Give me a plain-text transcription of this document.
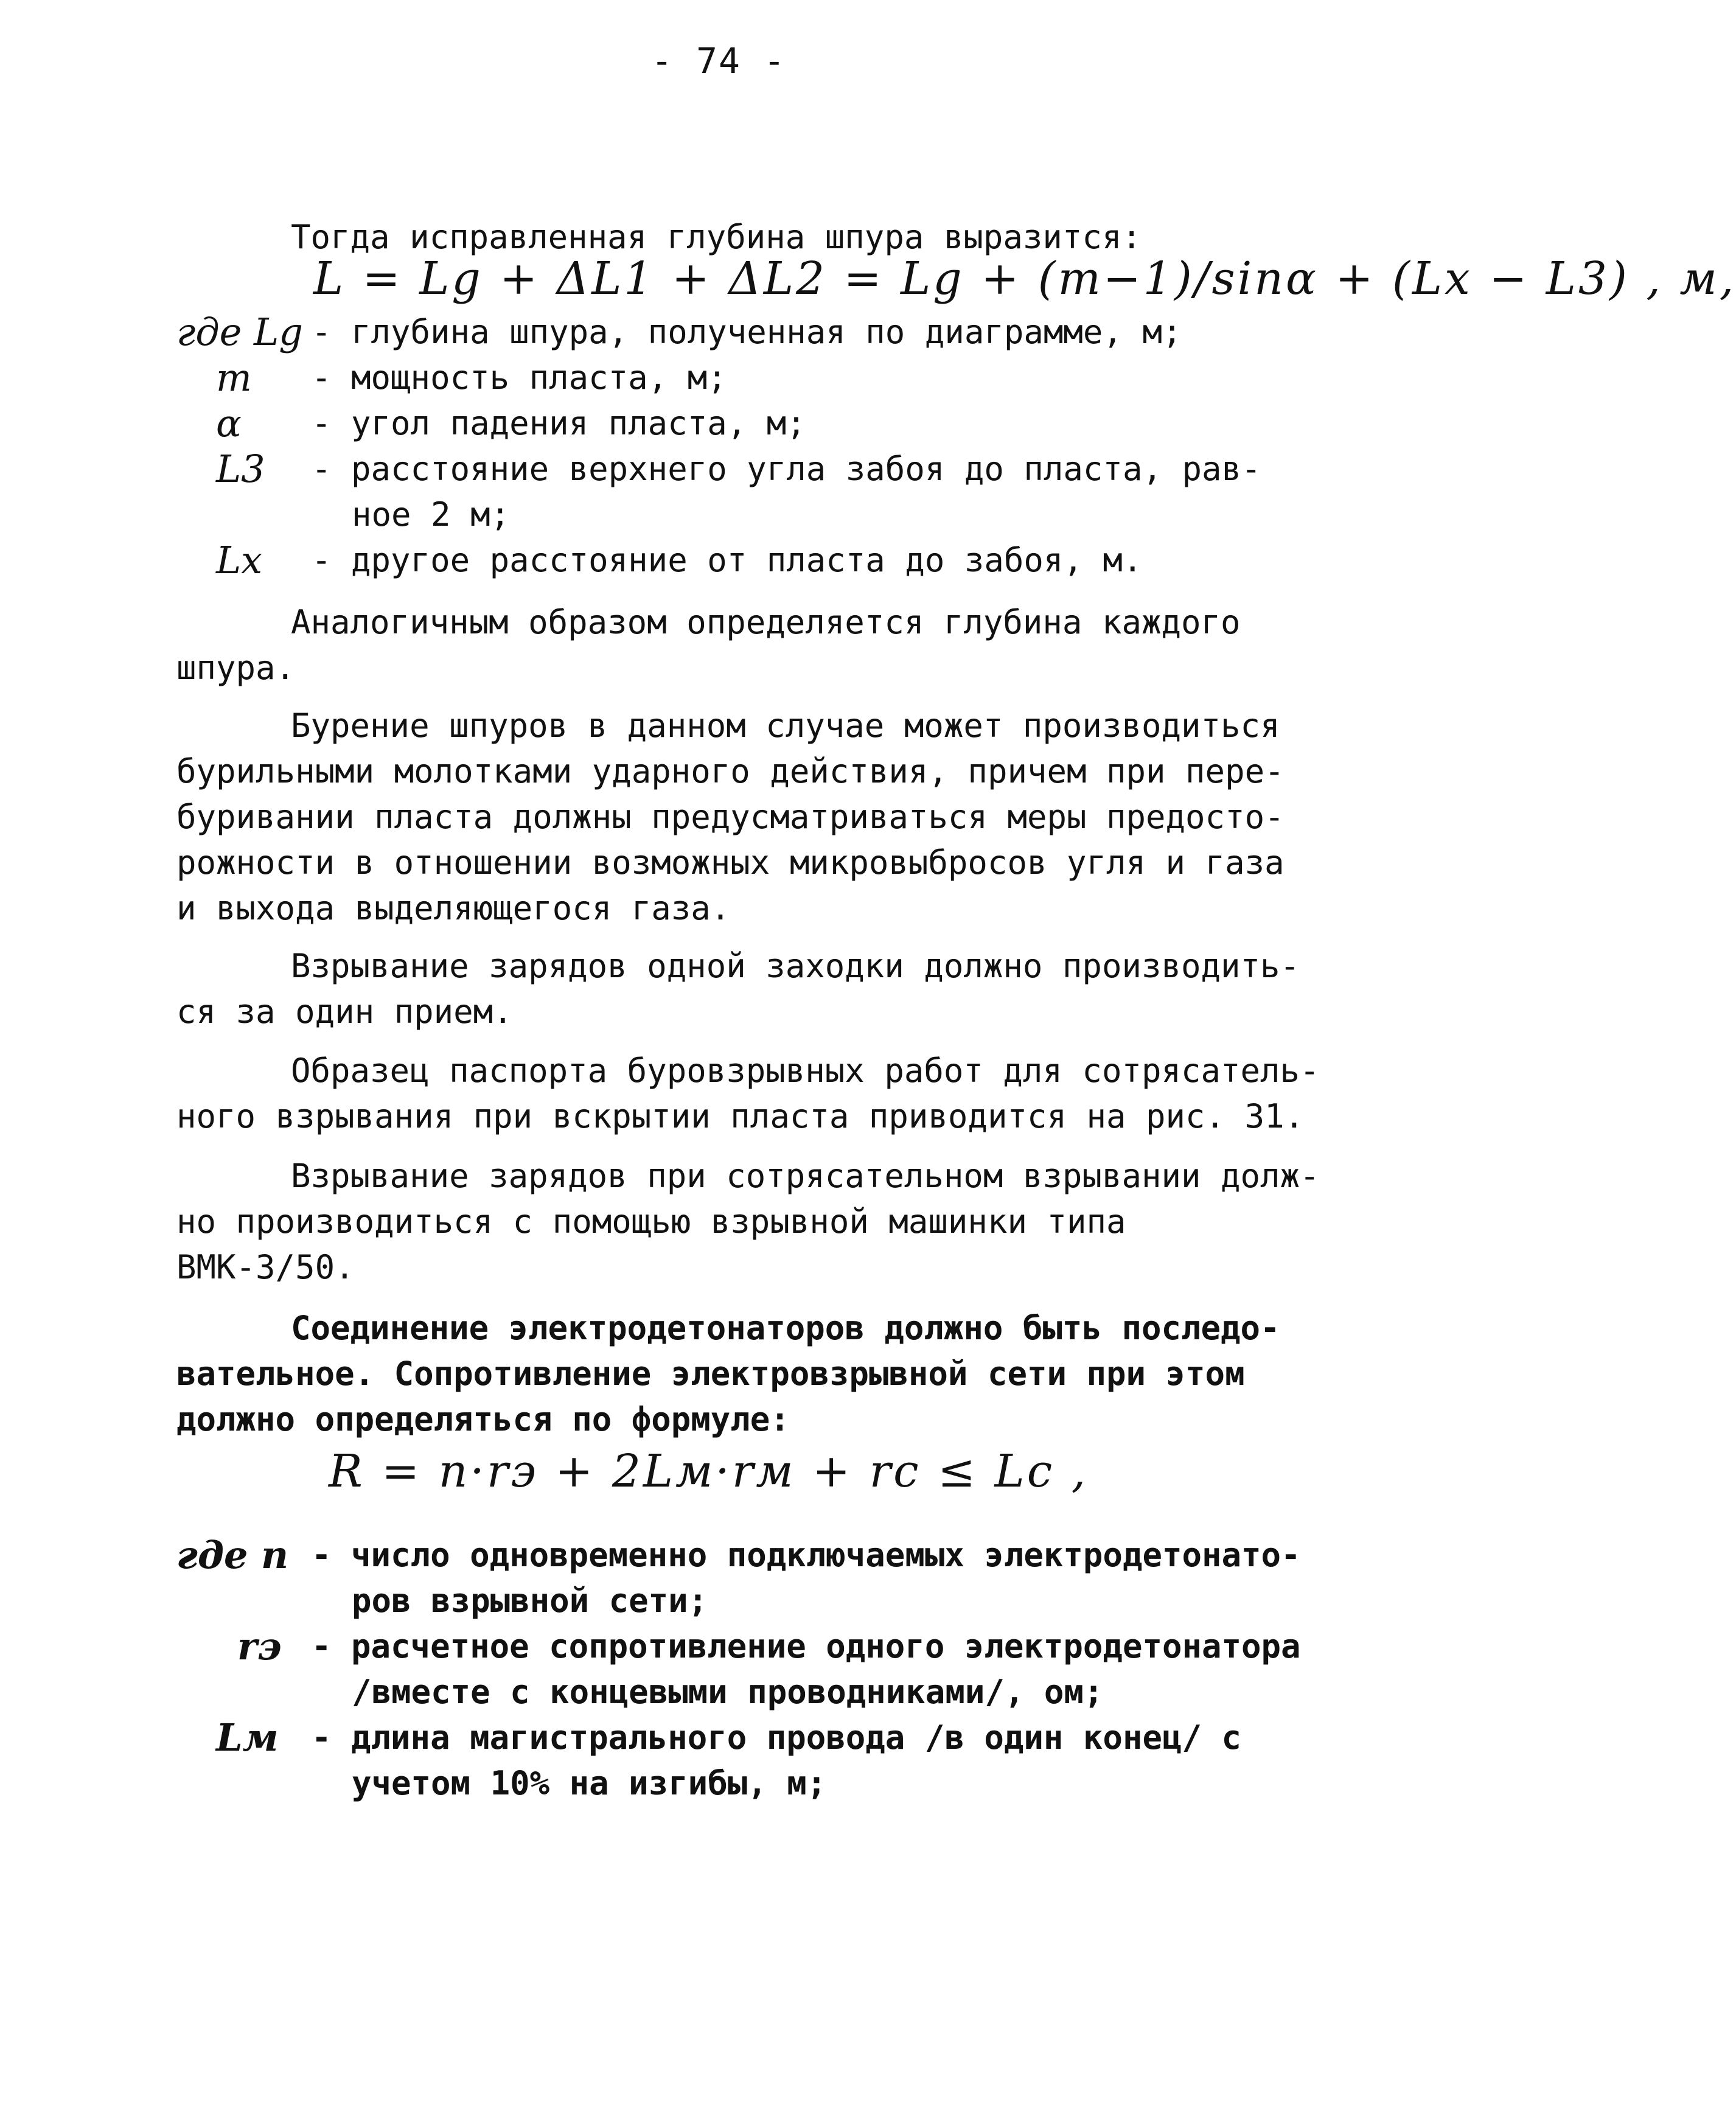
- 74 -
Тогда исправленная глубина шпура выразится:
L = Lg + ΔL1 + ΔL2 = Lg + (m−1)/sinα + (Lx − L3) , м,
где Lg - глубина шпура, полученная по диаграмме, м;
m - мощность пласта, м;
α - угол падения пласта, м;
L3 - расстояние верхнего угла забоя до пласта, рав-
ное 2 м;
Lx - другое расстояние от пласта до забоя, м.
Аналогичным образом определяется глубина каждого
шпура.
Бурение шпуров в данном случае может производиться
бурильными молотками ударного действия, причем при пере-
буривании пласта должны предусматриваться меры предосто-
рожности в отношении возможных микровыбросов угля и газа
и выхода выделяющегося газа.
Взрывание зарядов одной заходки должно производить-
ся за один прием.
Образец паспорта буровзрывных работ для сотрясатель-
ного взрывания при вскрытии пласта приводится на рис. 31.
Взрывание зарядов при сотрясательном взрывании долж-
но производиться с помощью взрывной машинки типа
ВМК-3/50.
Соединение электродетонаторов должно быть последо-
вательное. Сопротивление электровзрывной сети при этом
должно определяться по формуле:
R = n·rэ + 2Lм·rм + rс ≤ Lс ,
где n - число одновременно подключаемых электродетонато-
ров взрывной сети;
rэ - расчетное сопротивление одного электродетонатора
/вместе с концевыми проводниками/, ом;
Lм - длина магистрального провода /в один конец/ с
учетом 10% на изгибы, м;
